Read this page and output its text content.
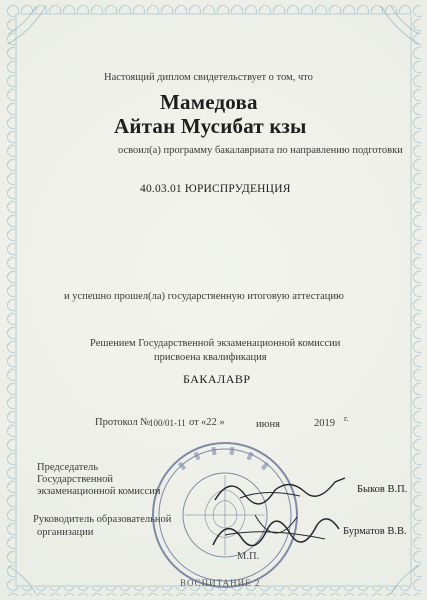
Настоящий диплом свидетельствует о том, что
Мамедова
Айтан Мусибат кзы
освоил(а) программу бакалавриата по направлению подготовки
40.03.01 ЮРИСПРУДЕНЦИЯ
и успешно прошел(ла) государственную итоговую аттестацию
Решением Государственной экзаменационной комиссии
присвоена квалификация
БАКАЛАВР
Протокол №
100/01-11 от «22 »	июня	2019 г.
Председатель
Государственной
экзаменационной комиссии	Быков В.П.
Руководитель образовательной
организации	Бурматов В.В.
М.П.
ВОСПИТАНИЕ 2
